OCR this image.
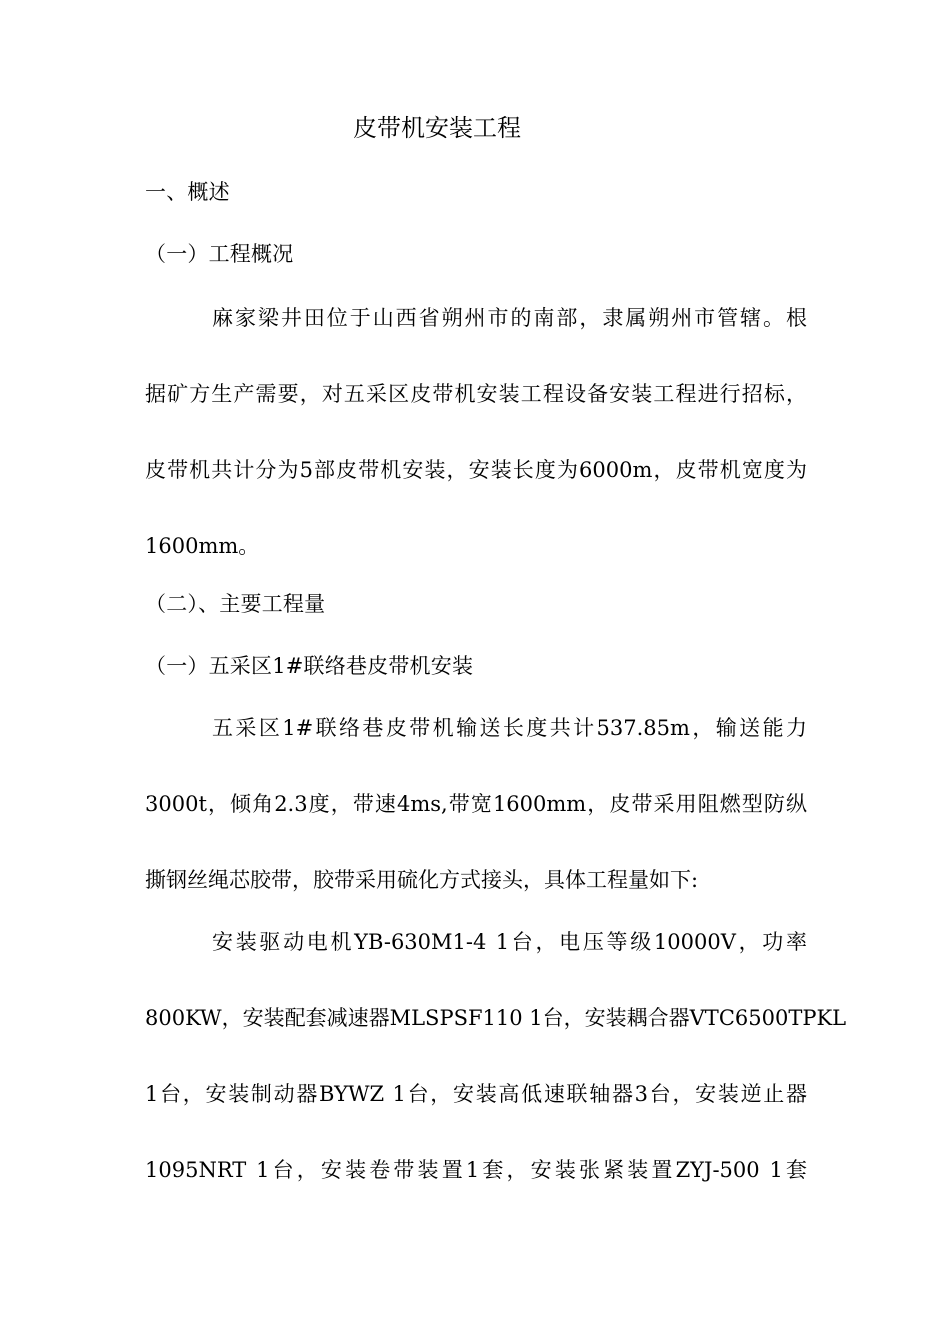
皮带机安装工程
一、概述
（一）工程概况
麻家梁井田位于山西省朔州市的南部，隶属朔州市管辖。根
据矿方生产需要，对五采区皮带机安装工程设备安装工程进行招标，
皮带机共计分为5部皮带机安装，安装长度为6000m，皮带机宽度为
1600mm。
（二）、主要工程量
（一）五采区1#联络巷皮带机安装
五采区1#联络巷皮带机输送长度共计537.85m，输送能力
3000t，倾角2.3度，带速4ms,带宽1600mm，皮带采用阻燃型防纵
撕钢丝绳芯胶带，胶带采用硫化方式接头，具体工程量如下:
安装驱动电机YB-630M1-4 1台，电压等级10000V，功率
800KW，安装配套减速器MLSPSF110 1台，安装耦合器VTC6500TPKL
1台，安装制动器BYWZ 1台，安装高低速联轴器3台，安装逆止器
1095NRT 1台，安装卷带装置1套，安装张紧装置ZYJ-500 1套
